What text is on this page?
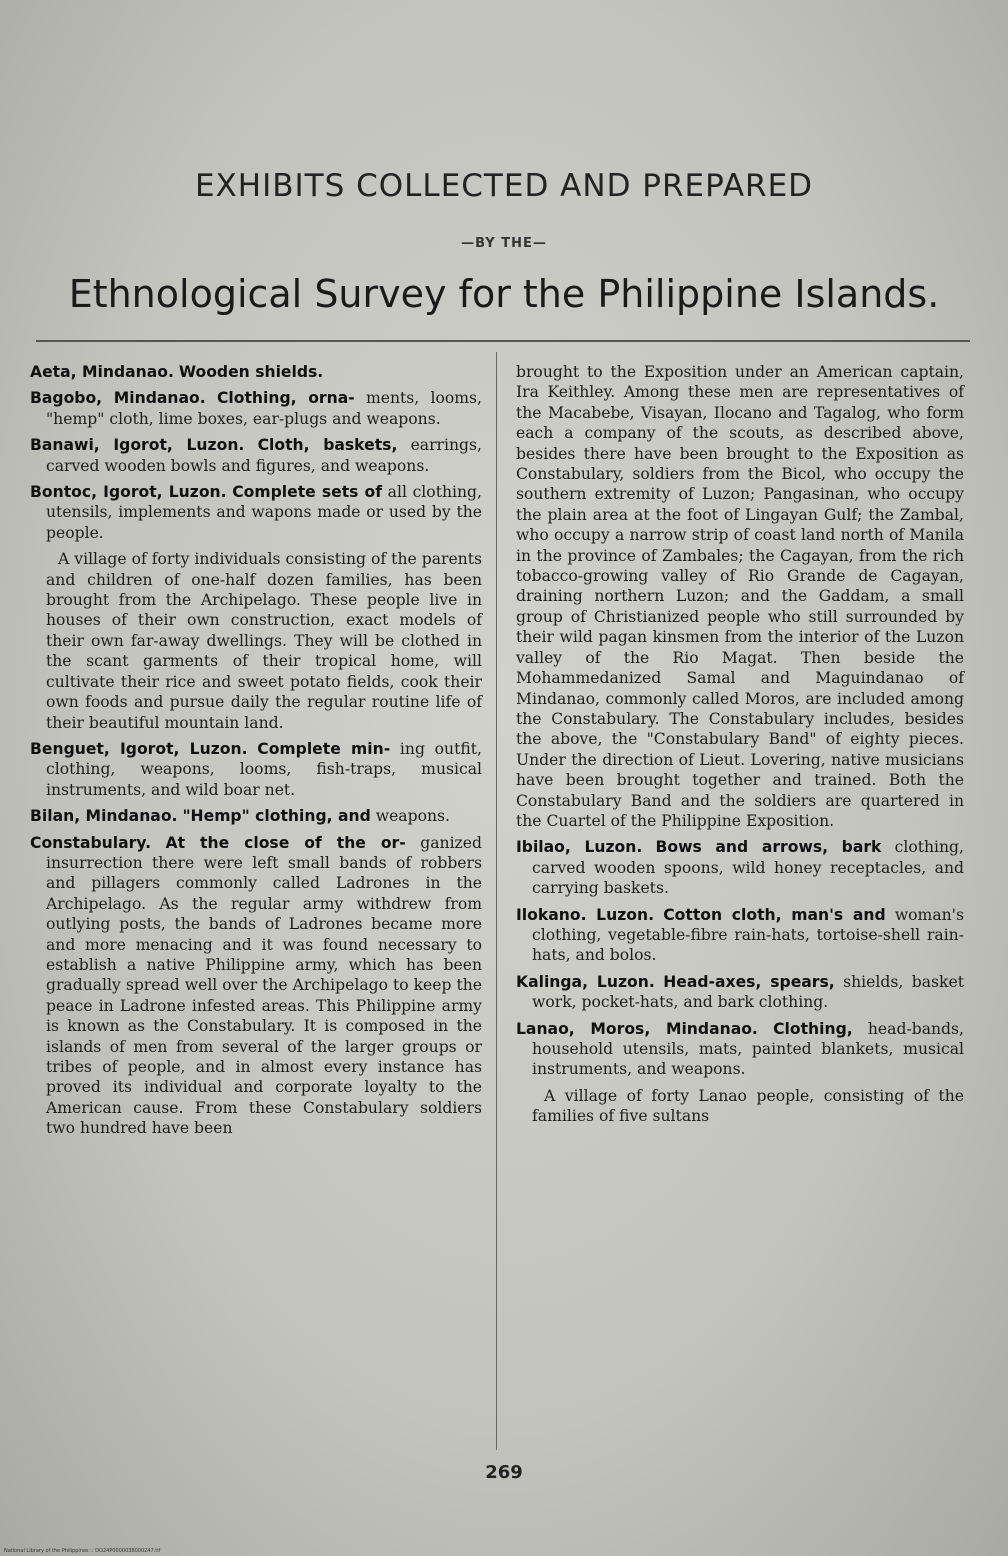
EXHIBITS COLLECTED AND PREPARED
—BY THE—
Ethnological Survey for the Philippine Islands.

Aeta, Mindanao. Wooden shields.

Bagobo, Mindanao. Clothing, orna- ments, looms, "hemp" cloth, lime boxes, ear-plugs and weapons.

Banawi, Igorot, Luzon. Cloth, baskets, earrings, carved wooden bowls and figures, and weapons.

Bontoc, Igorot, Luzon. Complete sets of all clothing, utensils, implements and wapons made or used by the people.

A village of forty individuals consisting of the parents and children of one-half dozen families, has been brought from the Archipelago. These people live in houses of their own construction, exact models of their own far-away dwellings. They will be clothed in the scant garments of their tropical home, will cultivate their rice and sweet potato fields, cook their own foods and pursue daily the regular routine life of their beautiful mountain land.

Benguet, Igorot, Luzon. Complete min- ing outfit, clothing, weapons, looms, fish-traps, musical instruments, and wild boar net.

Bilan, Mindanao. "Hemp" clothing, and weapons.

Constabulary. At the close of the or- ganized insurrection there were left small bands of robbers and pillagers commonly called Ladrones in the Archipelago. As the regular army withdrew from outlying posts, the bands of Ladrones became more and more menacing and it was found necessary to establish a native Philippine army, which has been gradually spread well over the Archipelago to keep the peace in Ladrone infested areas. This Philippine army is known as the Constabulary. It is composed in the islands of men from several of the larger groups or tribes of people, and in almost every instance has proved its individual and corporate loyalty to the American cause. From these Constabulary soldiers two hundred have been

brought to the Exposition under an American captain, Ira Keithley. Among these men are representatives of the Macabebe, Visayan, Ilocano and Tagalog, who form each a company of the scouts, as described above, besides there have been brought to the Exposition as Constabulary, soldiers from the Bicol, who occupy the southern extremity of Luzon; Pangasinan, who occupy the plain area at the foot of Lingayan Gulf; the Zambal, who occupy a narrow strip of coast land north of Manila in the province of Zambales; the Cagayan, from the rich tobacco-growing valley of Rio Grande de Cagayan, draining northern Luzon; and the Gaddam, a small group of Christianized people who still surrounded by their wild pagan kinsmen from the interior of the Luzon valley of the Rio Magat. Then beside the Mohammedanized Samal and Maguindanao of Mindanao, commonly called Moros, are included among the Constabulary. The Constabulary includes, besides the above, the "Constabulary Band" of eighty pieces. Under the direction of Lieut. Lovering, native musicians have been brought together and trained. Both the Constabulary Band and the soldiers are quartered in the Cuartel of the Philippine Exposition.

Ibilao, Luzon. Bows and arrows, bark clothing, carved wooden spoons, wild honey receptacles, and carrying baskets.

Ilokano. Luzon. Cotton cloth, man's and woman's clothing, vegetable-fibre rain-hats, tortoise-shell rain-hats, and bolos.

Kalinga, Luzon. Head-axes, spears, shields, basket work, pocket-hats, and bark clothing.

Lanao, Moros, Mindanao. Clothing, head-bands, household utensils, mats, painted blankets, musical instruments, and weapons.

A village of forty Lanao people, consisting of the families of five sultans

269
National Library of the Philippines :: DO24P0000038000247.tif
